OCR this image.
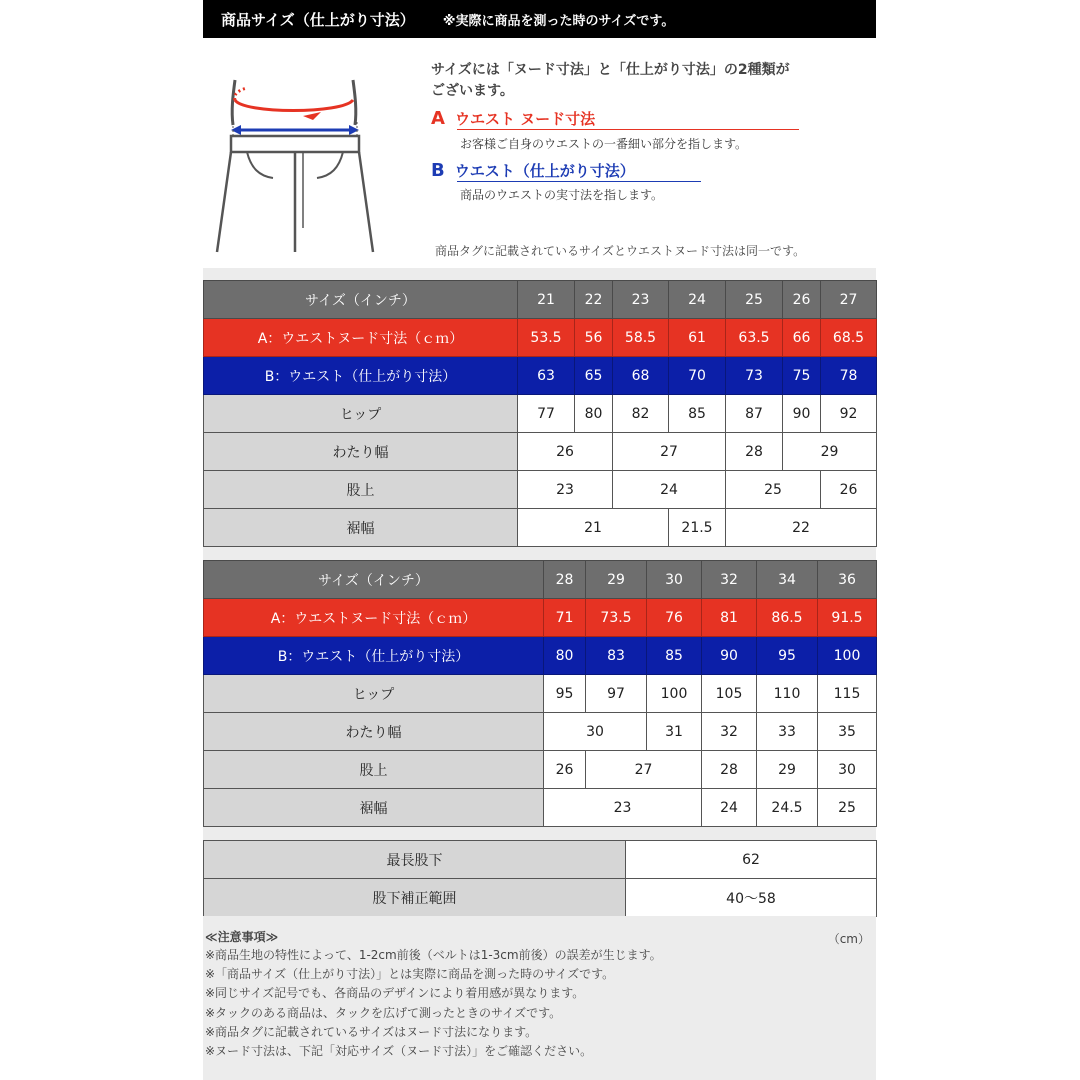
商品サイズ（仕上がり寸法） ※実際に商品を測った時のサイズです。
サイズには「ヌード寸法」と「仕上がり寸法」の2種類が
ございます。
A ウエスト ヌード寸法
お客様ご自身のウエストの一番細い部分を指します。
B ウエスト（仕上がり寸法）
商品のウエストの実寸法を指します。
商品タグに記載されているサイズとウエストヌード寸法は同一です。
サイズ（インチ）	21	22	23	24	25	26	27
A：ウエストヌード寸法（ｃｍ）	53.5	56	58.5	61	63.5	66	68.5
B：ウエスト（仕上がり寸法）	63	65	68	70	73	75	78
ヒップ	77	80	82	85	87	90	92
わたり幅	26		27		28	29	
股上	23		24		25		26
裾幅	21			21.5	22		
サイズ（インチ）	28	29	30	32	34	36
A：ウエストヌード寸法（ｃｍ）	71	73.5	76	81	86.5	91.5
B：ウエスト（仕上がり寸法）	80	83	85	90	95	100
ヒップ	95	97	100	105	110	115
わたり幅	30		31	32	33	35
股上	26	27		28	29	30
裾幅	23			24	24.5	25
最長股下	62
股下補正範囲	40〜58
≪注意事項≫	（cm）
※商品生地の特性によって、1-2cm前後（ベルトは1-3cm前後）の誤差が生じます。
※「商品サイズ（仕上がり寸法）」とは実際に商品を測った時のサイズです。
※同じサイズ記号でも、各商品のデザインにより着用感が異なります。
※タックのある商品は、タックを広げて測ったときのサイズです。
※商品タグに記載されているサイズはヌード寸法になります。
※ヌード寸法は、下記「対応サイズ（ヌード寸法）」をご確認ください。
